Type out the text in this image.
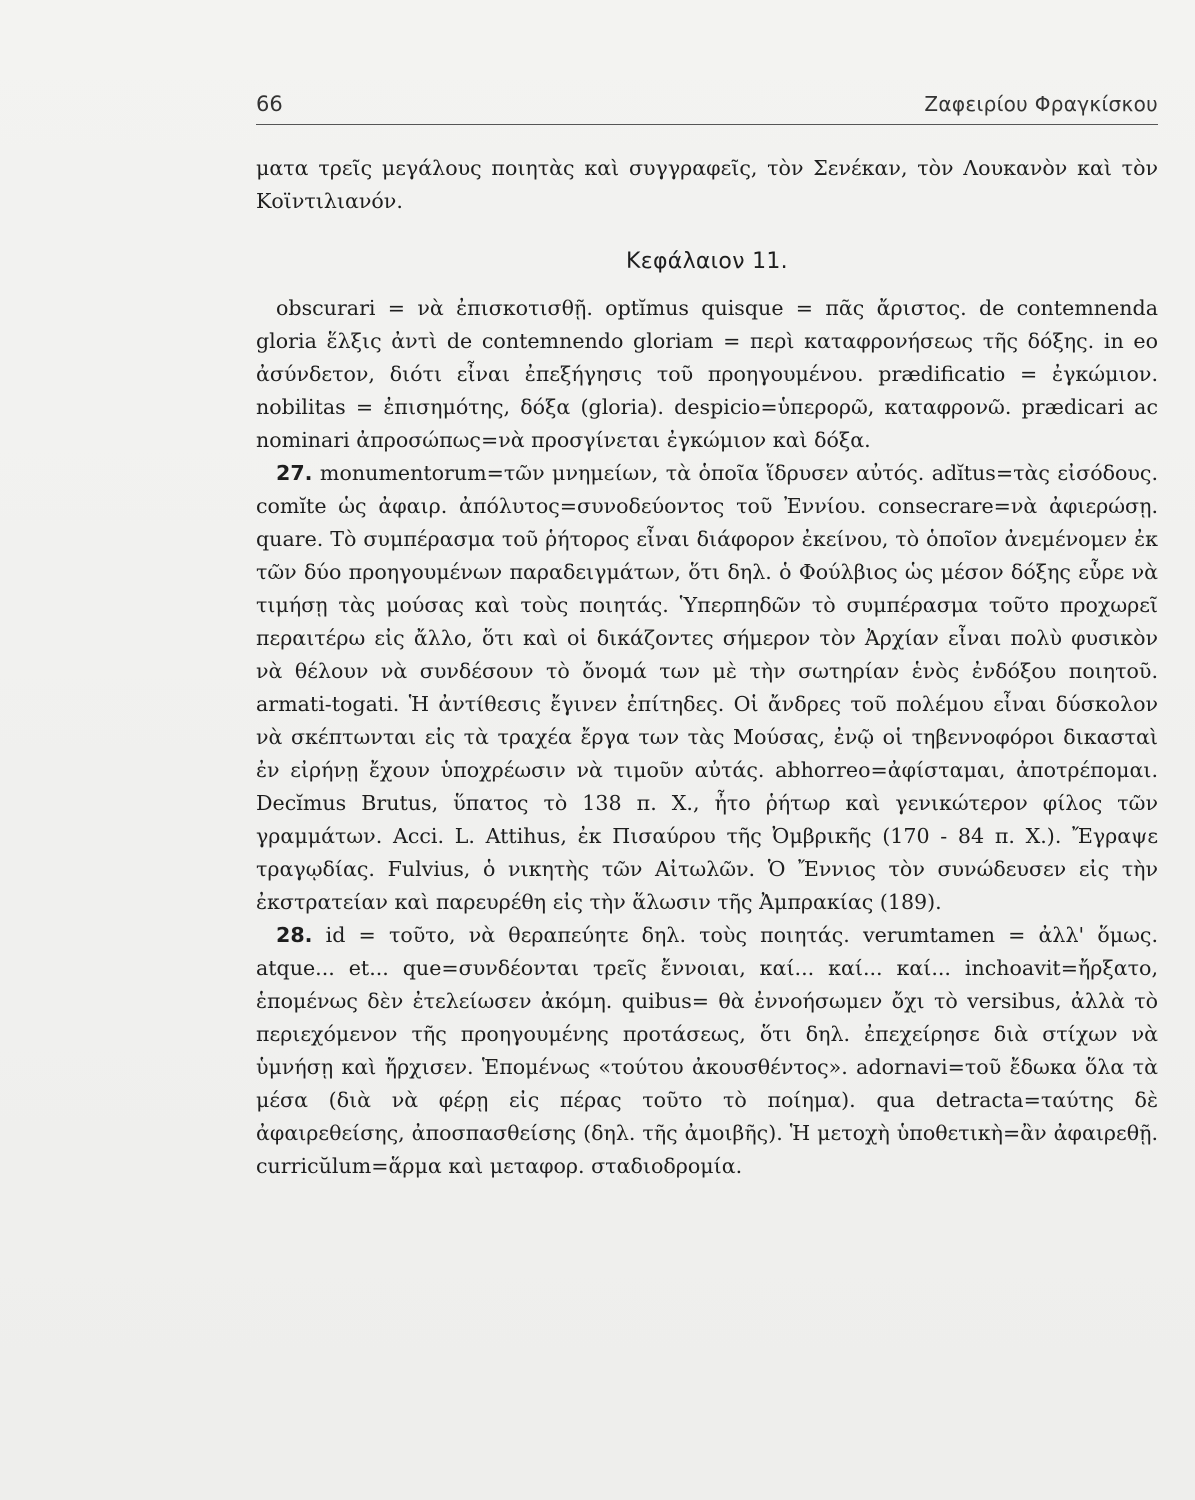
66	Ζαφειρίου Φραγκίσκου

ματα τρεῖς μεγάλους ποιητὰς καὶ συγγραφεῖς, τὸν Σενέκαν, τὸν Λουκανὸν καὶ τὸν Κοϊντιλιανόν.

Κεφάλαιον 11.

obscurari = νὰ ἐπισκοτισθῇ. optĭmus quisque = πᾶς ἄριστος. de contemnenda gloria ἕλξις ἀντὶ de contemnendo gloriam = περὶ καταφρονήσεως τῆς δόξης. in eo ἀσύνδετον, διότι εἶναι ἐπεξήγησις τοῦ προηγουμένου. prædificatio = ἐγκώμιον. nobilitas = ἐπισημότης, δόξα (gloria). despicio=ὑπερορῶ, καταφρονῶ. prædicari ac nominari ἀπροσώπως=νὰ προσγίνεται ἐγκώμιον καὶ δόξα.

27. monumentorum=τῶν μνημείων, τὰ ὁποῖα ἵδρυσεν αὐτός. adĭtus=τὰς εἰσόδους. comĭte ὡς ἀφαιρ. ἀπόλυτος=συνοδεύοντος τοῦ Ἐννίου. consecrare=νὰ ἀφιερώσῃ. quare. Τὸ συμπέρασμα τοῦ ῥήτορος εἶναι διάφορον ἐκείνου, τὸ ὁποῖον ἀνεμένομεν ἐκ τῶν δύο προηγουμένων παραδειγμάτων, ὅτι δηλ. ὁ Φούλβιος ὡς μέσον δόξης εὗρε νὰ τιμήσῃ τὰς μούσας καὶ τοὺς ποιητάς. Ὑπερπηδῶν τὸ συμπέρασμα τοῦτο προχωρεῖ περαιτέρω εἰς ἄλλο, ὅτι καὶ οἱ δικάζοντες σήμερον τὸν Ἀρχίαν εἶναι πολὺ φυσικὸν νὰ θέλουν νὰ συνδέσουν τὸ ὄνομά των μὲ τὴν σωτηρίαν ἑνὸς ἐνδόξου ποιητοῦ. armati-togati. Ἡ ἀντίθεσις ἔγινεν ἐπίτηδες. Οἱ ἄνδρες τοῦ πολέμου εἶναι δύσκολον νὰ σκέπτωνται εἰς τὰ τραχέα ἔργα των τὰς Μούσας, ἐνῷ οἱ τηβεννοφόροι δικασταὶ ἐν εἰρήνῃ ἔχουν ὑποχρέωσιν νὰ τιμοῦν αὐτάς. abhorreo=ἀφίσταμαι, ἀποτρέπομαι. Decĭmus Brutus, ὕπατος τὸ 138 π. Χ., ἦτο ῥήτωρ καὶ γενικώτερον φίλος τῶν γραμμάτων. Acci. L. Attihus, ἐκ Πισαύρου τῆς Ὀμβρικῆς (170 - 84 π. Χ.). Ἔγραψε τραγῳδίας. Fulvius, ὁ νικητὴς τῶν Αἰτωλῶν. Ὁ Ἔννιος τὸν συνώδευσεν εἰς τὴν ἐκστρατείαν καὶ παρευρέθη εἰς τὴν ἅλωσιν τῆς Ἀμπρακίας (189).

28. id = τοῦτο, νὰ θεραπεύητε δηλ. τοὺς ποιητάς. verumtamen = ἀλλ' ὅμως. atque... et... que=συνδέονται τρεῖς ἔννοιαι, καί... καί... καί... inchoavit=ἤρξατο, ἑπομένως δὲν ἐτελείωσεν ἀκόμη. quibus= θὰ ἐννοήσωμεν ὄχι τὸ versibus, ἀλλὰ τὸ περιεχόμενον τῆς προηγουμένης προτάσεως, ὅτι δηλ. ἐπεχείρησε διὰ στίχων νὰ ὑμνήσῃ καὶ ἤρχισεν. Ἑπομένως «τούτου ἀκουσθέντος». adornavi=τοῦ ἔδωκα ὅλα τὰ μέσα (διὰ νὰ φέρῃ εἰς πέρας τοῦτο τὸ ποίημα). qua detracta=ταύτης δὲ ἀφαιρεθείσης, ἀποσπασθείσης (δηλ. τῆς ἀμοιβῆς). Ἡ μετοχὴ ὑποθετικὴ=ἂν ἀφαιρεθῇ. curricŭlum=ἅρμα καὶ μεταφορ. σταδιοδρομία.
